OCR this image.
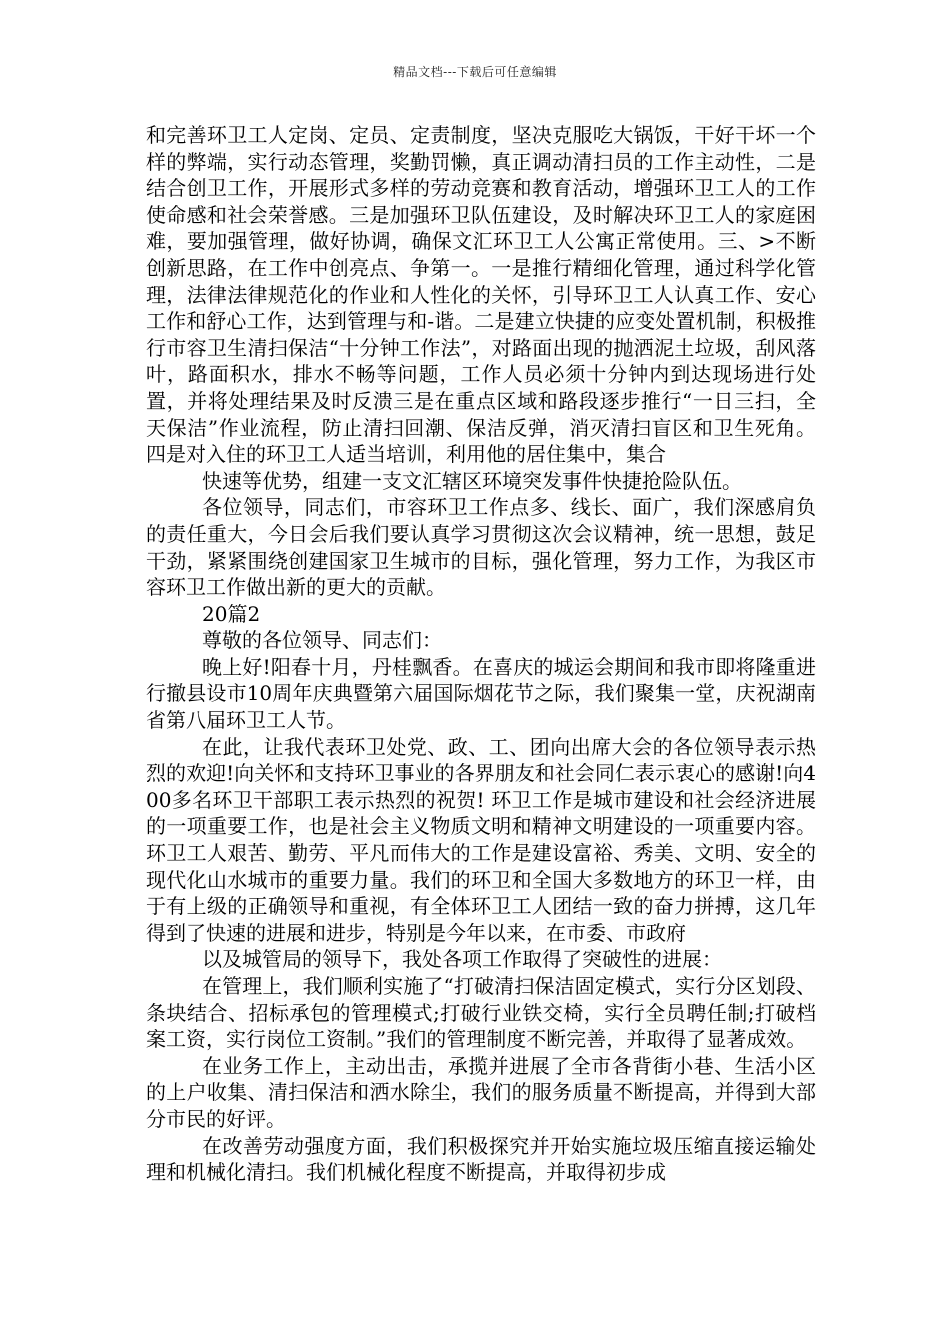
精品文档---下载后可任意编辑

和完善环卫工人定岗、定员、定责制度，坚决克服吃大锅饭，干好干坏一个样的弊端，实行动态管理，奖勤罚懒，真正调动清扫员的工作主动性，二是结合创卫工作，开展形式多样的劳动竞赛和教育活动，增强环卫工人的工作使命感和社会荣誉感。三是加强环卫队伍建设，及时解决环卫工人的家庭困难，要加强管理，做好协调，确保文汇环卫工人公寓正常使用。三、>不断创新思路，在工作中创亮点、争第一。一是推行精细化管理，通过科学化管理，法律法律规范化的作业和人性化的关怀，引导环卫工人认真工作、安心工作和舒心工作，达到管理与和-谐。二是建立快捷的应变处置机制，积极推行市容卫生清扫保洁“十分钟工作法”，对路面出现的抛洒泥土垃圾，刮风落叶，路面积水，排水不畅等问题，工作人员必须十分钟内到达现场进行处置，并将处理结果及时反溃三是在重点区域和路段逐步推行“一日三扫，全天保洁”作业流程，防止清扫回潮、保洁反弹，消灭清扫盲区和卫生死角。四是对入住的环卫工人适当培训，利用他的居住集中，集合

快速等优势，组建一支文汇辖区环境突发事件快捷抢险队伍。

各位领导，同志们，市容环卫工作点多、线长、面广，我们深感肩负的责任重大，今日会后我们要认真学习贯彻这次会议精神，统一思想，鼓足干劲，紧紧围绕创建国家卫生城市的目标，强化管理，努力工作，为我区市容环卫工作做出新的更大的贡献。

20篇2

尊敬的各位领导、同志们：

晚上好!阳春十月，丹桂飘香。在喜庆的城运会期间和我市即将隆重进行撤县设市10周年庆典暨第六届国际烟花节之际，我们聚集一堂，庆祝湖南省第八届环卫工人节。

在此，让我代表环卫处党、政、工、团向出席大会的各位领导表示热烈的欢迎!向关怀和支持环卫事业的各界朋友和社会同仁表示衷心的感谢!向400多名环卫干部职工表示热烈的祝贺! 环卫工作是城市建设和社会经济进展的一项重要工作，也是社会主义物质文明和精神文明建设的一项重要内容。环卫工人艰苦、勤劳、平凡而伟大的工作是建设富裕、秀美、文明、安全的现代化山水城市的重要力量。我们的环卫和全国大多数地方的环卫一样，由于有上级的正确领导和重视，有全体环卫工人团结一致的奋力拼搏，这几年得到了快速的进展和进步，特别是今年以来，在市委、市政府

以及城管局的领导下，我处各项工作取得了突破性的进展：

在管理上，我们顺利实施了“打破清扫保洁固定模式，实行分区划段、条块结合、招标承包的管理模式;打破行业铁交椅，实行全员聘任制;打破档案工资，实行岗位工资制。”我们的管理制度不断完善，并取得了显著成效。

在业务工作上，主动出击，承揽并进展了全市各背街小巷、生活小区的上户收集、清扫保洁和洒水除尘，我们的服务质量不断提高，并得到大部分市民的好评。

在改善劳动强度方面，我们积极探究并开始实施垃圾压缩直接运输处理和机械化清扫。我们机械化程度不断提高，并取得初步成
